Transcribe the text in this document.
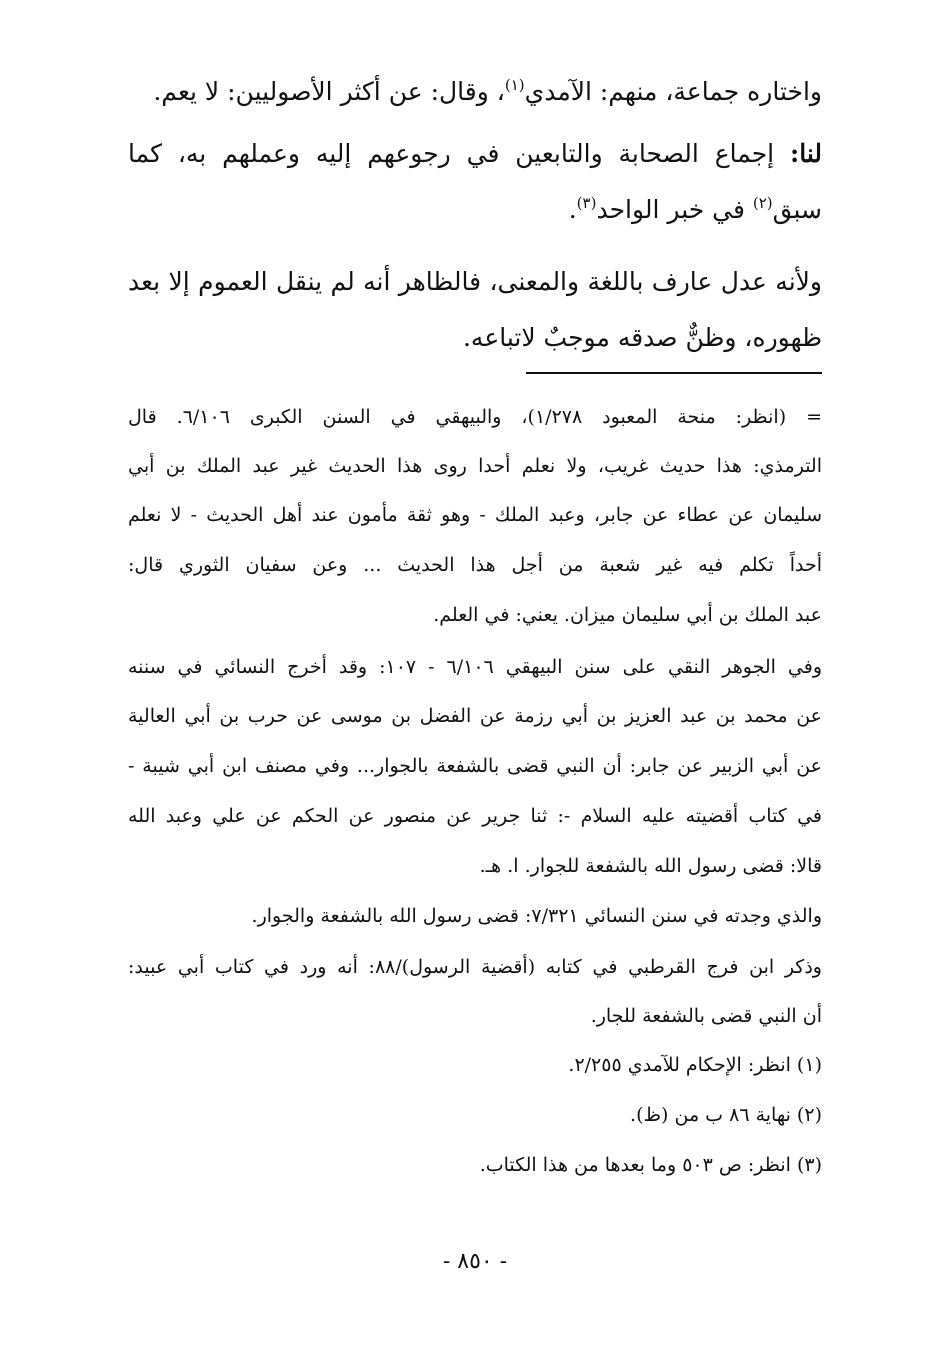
واختاره جماعة، منهم: الآمدي$^{(١)}$، وقال: عن أكثر الأصوليين: لا يعم.
لنا: إجماع الصحابة والتابعين في رجوعهم إليه وعملهم به، كما
سبق$^{(٢)}$ في خبر الواحد$^{(٣)}$.
ولأنه عدل عارف باللغة والمعنى، فالظاهر أنه لم ينقل العموم إلا بعد
ظهوره، وظنٌّ صدقه موجبٌ لاتباعه.
= (انظر: منحة المعبود ١/٢٧٨)، والبيهقي في السنن الكبرى ٦/١٠٦. قال
الترمذي: هذا حديث غريب، ولا نعلم أحدا روى هذا الحديث غير عبد الملك بن أبي
سليمان عن عطاء عن جابر، وعبد الملك - وهو ثقة مأمون عند أهل الحديث - لا نعلم
أحداً تكلم فيه غير شعبة من أجل هذا الحديث ... وعن سفيان الثوري قال:
عبد الملك بن أبي سليمان ميزان. يعني: في العلم.
وفي الجوهر النقي على سنن البيهقي ٦/١٠٦ - ١٠٧: وقد أخرج النسائي في سننه
عن محمد بن عبد العزيز بن أبي رزمة عن الفضل بن موسى عن حرب بن أبي العالية
عن أبي الزبير عن جابر: أن النبي قضى بالشفعة بالجوار... وفي مصنف ابن أبي شيبة -
في كتاب أقضيته عليه السلام -: ثنا جرير عن منصور عن الحكم عن علي وعبد الله
قالا: قضى رسول الله بالشفعة للجوار. ا. هـ.
والذي وجدته في سنن النسائي ٧/٣٢١: قضى رسول الله بالشفعة والجوار.
وذكر ابن فرج القرطبي في كتابه (أقضية الرسول)/٨٨: أنه ورد في كتاب أبي عبيد:
أن النبي قضى بالشفعة للجار.
(١) انظر: الإحكام للآمدي ٢/٢٥٥.
(٢) نهاية ٨٦ ب من (ظ).
(٣) انظر: ص ٥٠٣ وما بعدها من هذا الكتاب.
- ٨٥٠ -
